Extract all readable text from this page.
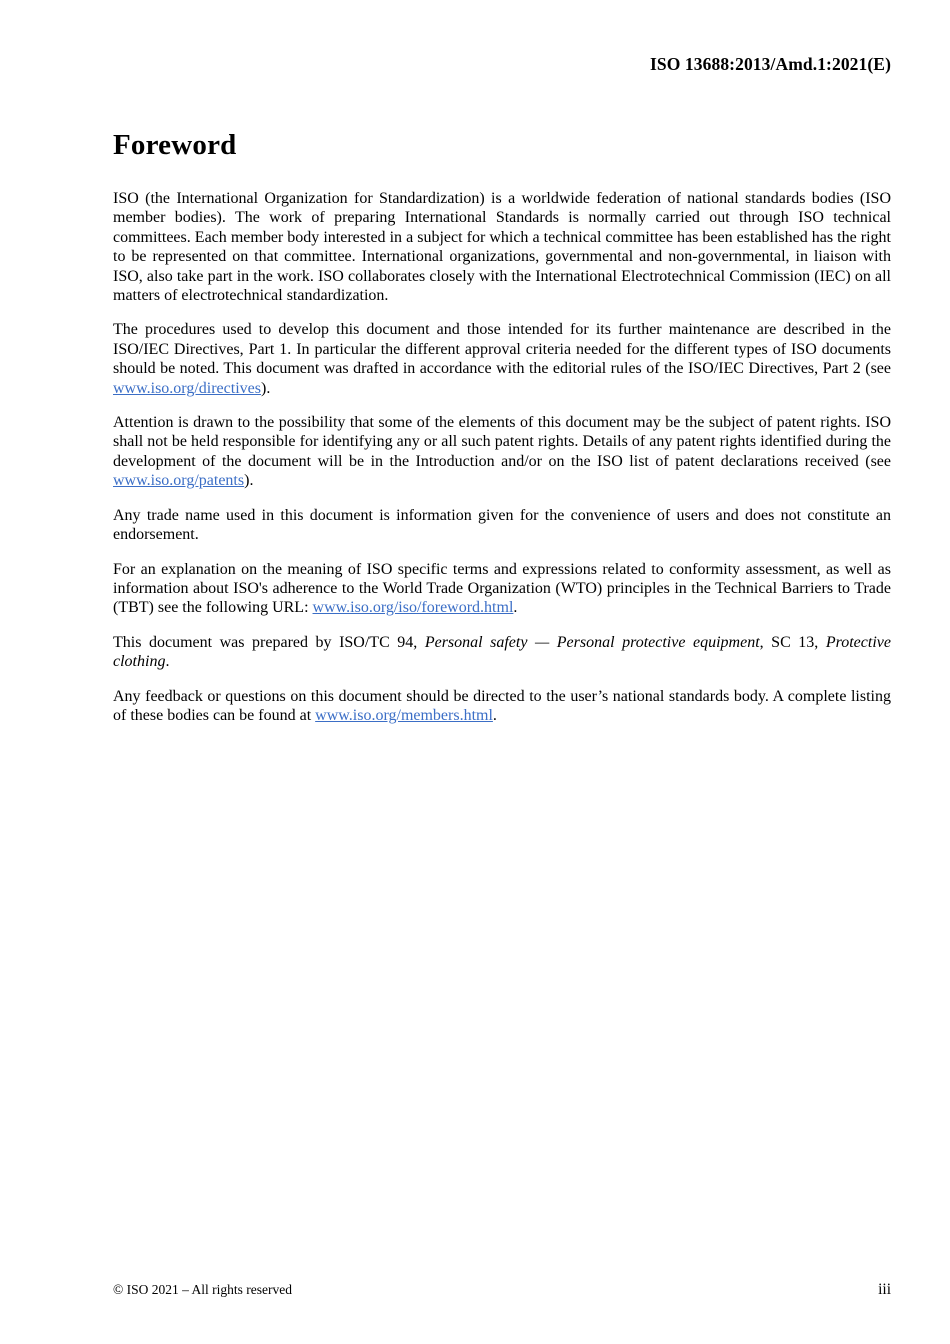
ISO 13688:2013/Amd.1:2021(E)
Foreword

ISO (the International Organization for Standardization) is a worldwide federation of national standards bodies (ISO member bodies). The work of preparing International Standards is normally carried out through ISO technical committees. Each member body interested in a subject for which a technical committee has been established has the right to be represented on that committee. International organizations, governmental and non-governmental, in liaison with ISO, also take part in the work. ISO collaborates closely with the International Electrotechnical Commission (IEC) on all matters of electrotechnical standardization.

The procedures used to develop this document and those intended for its further maintenance are described in the ISO/IEC Directives, Part 1. In particular the different approval criteria needed for the different types of ISO documents should be noted. This document was drafted in accordance with the editorial rules of the ISO/IEC Directives, Part 2 (see www.iso.org/directives).

Attention is drawn to the possibility that some of the elements of this document may be the subject of patent rights. ISO shall not be held responsible for identifying any or all such patent rights. Details of any patent rights identified during the development of the document will be in the Introduction and/or on the ISO list of patent declarations received (see www.iso.org/patents).

Any trade name used in this document is information given for the convenience of users and does not constitute an endorsement.

For an explanation on the meaning of ISO specific terms and expressions related to conformity assessment, as well as information about ISO's adherence to the World Trade Organization (WTO) principles in the Technical Barriers to Trade (TBT) see the following URL: www.iso.org/iso/foreword.html.

This document was prepared by ISO/TC 94, Personal safety — Personal protective equipment, SC 13, Protective clothing.

Any feedback or questions on this document should be directed to the user’s national standards body. A complete listing of these bodies can be found at www.iso.org/members.html.

© ISO 2021 – All rights reserved	iii
